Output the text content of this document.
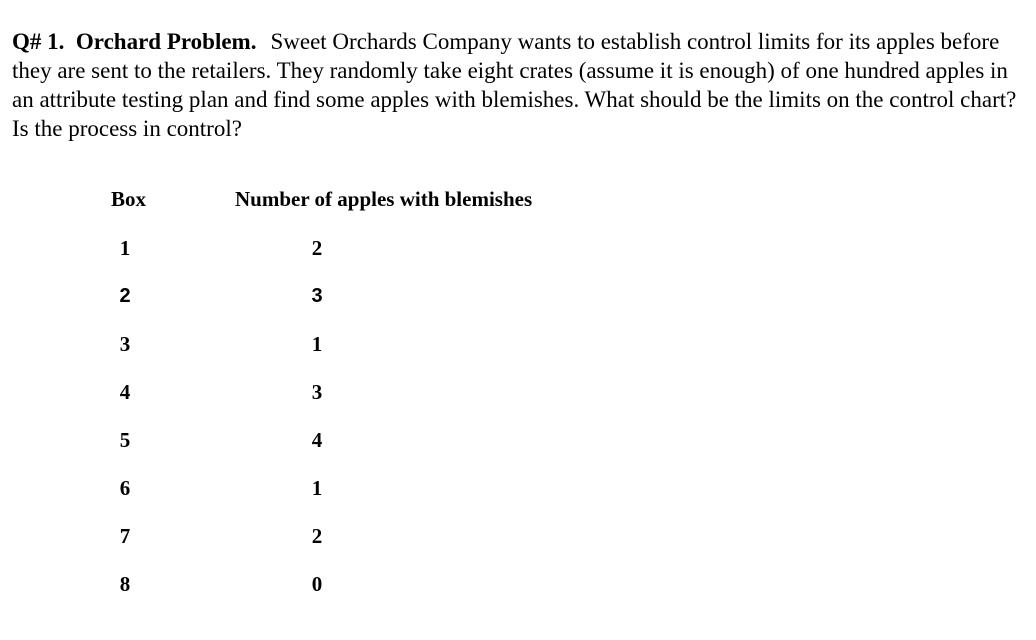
Q# 1. Orchard Problem. Sweet Orchards Company wants to establish control limits for its apples before they are sent to the retailers. They randomly take eight crates (assume it is enough) of one hundred apples in an attribute testing plan and find some apples with blemishes. What should be the limits on the control chart? Is the process in control?

Box	Number of apples with blemishes
1	2
2	3
3	1
4	3
5	4
6	1
7	2
8	0
